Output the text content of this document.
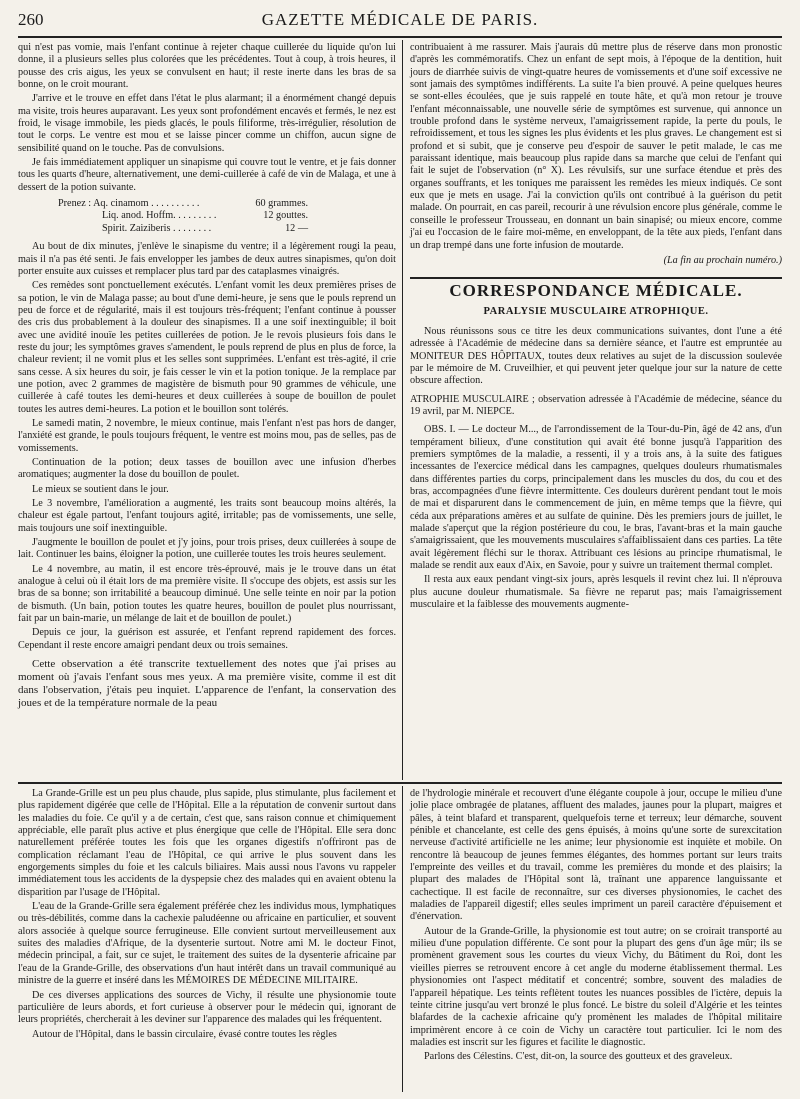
260	GAZETTE MÉDICALE DE PARIS.

qui n'est pas vomie, mais l'enfant continue à rejeter chaque cuillerée du liquide qu'on lui donne, il a plusieurs selles plus colorées que les précédentes. Tout à coup, à trois heures, il pousse des cris aigus, les yeux se convulsent en haut; il reste inerte dans les bras de sa bonne, on le croit mourant.

J'arrive et le trouve en effet dans l'état le plus alarmant; il a énormément changé depuis ma visite, trois heures auparavant. Les yeux sont profondément encavés et fermés, le nez est froid, le visage immobile, les pieds glacés, le pouls filiforme, très-irrégulier, résolution de tout le corps. Le ventre est mou et se laisse pincer comme un chiffon, aucun signe de sensibilité quand on le touche. Pas de convulsions.

Je fais immédiatement appliquer un sinapisme qui couvre tout le ventre, et je fais donner tous les quarts d'heure, alternativement, une demi-cuillerée à café de vin de Malaga, et une à dessert de la potion suivante.

Prenez : Aq. cinamom . . . . . . . . . .	60 grammes.
Liq. anod. Hoffm. . . . . . . . .	12 gouttes.
Spirit. Zaiziberis . . . . . . . .	12 —

Au bout de dix minutes, j'enlève le sinapisme du ventre; il a légèrement rougi la peau, mais il n'a pas été senti. Je fais envelopper les jambes de deux autres sinapismes, qu'on doit porter ensuite aux cuisses et remplacer plus tard par des cataplasmes vinaigrés.

Ces remèdes sont ponctuellement exécutés. L'enfant vomit les deux premières prises de sa potion, le vin de Malaga passe; au bout d'une demi-heure, je sens que le pouls reprend un peu de force et de régularité, mais il est toujours très-fréquent; l'enfant continue à pousser des cris dus probablement à la douleur des sinapismes. Il a une soif inextinguible; il boit avec une avidité inouïe les petites cuillerées de potion. Je le revois plusieurs fois dans le reste du jour; les symptômes graves s'amendent, le pouls reprend de plus en plus de force, la chaleur revient; il ne vomit plus et les selles sont supprimées. L'enfant est très-agité, il crie sans cesse. A six heures du soir, je fais cesser le vin et la potion tonique. Je la remplace par une potion, avec 2 grammes de magistère de bismuth pour 90 grammes de véhicule, une cuillerée à café toutes les demi-heures et deux cuillerées à soupe de bouillon de poulet toutes les autres demi-heures. La potion et le bouillon sont tolérés.

Le samedi matin, 2 novembre, le mieux continue, mais l'enfant n'est pas hors de danger, l'anxiété est grande, le pouls toujours fréquent, le ventre est moins mou, pas de selles, pas de vomissements.

Continuation de la potion; deux tasses de bouillon avec une infusion d'herbes aromatiques; augmenter la dose du bouillon de poulet.

Le mieux se soutient dans le jour.

Le 3 novembre, l'amélioration a augmenté, les traits sont beaucoup moins altérés, la chaleur est égale partout, l'enfant toujours agité, irritable; pas de vomissements, une selle, mais toujours une soif inextinguible.

J'augmente le bouillon de poulet et j'y joins, pour trois prises, deux cuillerées à soupe de lait. Continuer les bains, éloigner la potion, une cuillerée toutes les trois heures seulement.

Le 4 novembre, au matin, il est encore très-éprouvé, mais je le trouve dans un état analogue à celui où il était lors de ma première visite. Il s'occupe des objets, est assis sur les bras de sa bonne; son irritabilité a beaucoup diminué. Une selle teinte en noir par la potion de bismuth. (Un bain, potion toutes les quatre heures, bouillon de poulet plus nourrissant, fait par un bain-marie, un mélange de lait et de bouillon de poulet.)

Depuis ce jour, la guérison est assurée, et l'enfant reprend rapidement des forces. Cependant il reste encore amaigri pendant deux ou trois semaines.

Cette observation a été transcrite textuellement des notes que j'ai prises au moment où j'avais l'enfant sous mes yeux. A ma première visite, comme il est dit dans l'observation, j'étais peu inquiet. L'apparence de l'enfant, la conservation des joues et de la température normale de la peau

contribuaient à me rassurer. Mais j'aurais dû mettre plus de réserve dans mon pronostic d'après les commémoratifs. Chez un enfant de sept mois, à l'époque de la dentition, huit jours de diarrhée suivis de vingt-quatre heures de vomissements et d'une soif excessive ne sont jamais des symptômes indifférents. La suite l'a bien prouvé. A peine quelques heures se sont-elles écoulées, que je suis rappelé en toute hâte, et qu'à mon retour je trouve l'enfant méconnaissable, une nouvelle série de symptômes est survenue, qui annonce un trouble profond dans le système nerveux, l'amaigrissement rapide, la perte du pouls, le refroidissement, et tous les signes les plus évidents et les plus graves. Le changement est si profond et si subit, que je conserve peu d'espoir de sauver le petit malade, le cas me paraissant identique, mais beaucoup plus rapide dans sa marche que celui de l'enfant qui fait le sujet de l'observation (n° X). Les révulsifs, sur une surface étendue et près des organes souffrants, et les toniques me paraissent les remèdes les mieux indiqués. Ce sont eux que je mets en usage. J'ai la conviction qu'ils ont contribué à la guérison du petit malade. On pourrait, en cas pareil, recourir à une révulsion encore plus générale, comme le conseille le professeur Trousseau, en donnant un bain sinapisé; ou mieux encore, comme j'ai eu l'occasion de le faire moi-même, en enveloppant, de la tête aux pieds, l'enfant dans un drap trempé dans une forte infusion de moutarde.

(La fin au prochain numéro.)
CORRESPONDANCE MÉDICALE.
PARALYSIE MUSCULAIRE ATROPHIQUE.

Nous réunissons sous ce titre les deux communications suivantes, dont l'une a été adressée à l'Académie de médecine dans sa dernière séance, et l'autre est empruntée au MONITEUR DES HÔPITAUX, toutes deux relatives au sujet de la discussion soulevée par le mémoire de M. Cruveilhier, et qui peuvent jeter quelque jour sur la nature de cette obscure affection.

ATROPHIE MUSCULAIRE ; observation adressée à l'Académie de médecine, séance du 19 avril, par M. NIEPCE.

OBS. I. — Le docteur M..., de l'arrondissement de la Tour-du-Pin, âgé de 42 ans, d'un tempérament bilieux, d'une constitution qui avait été bonne jusqu'à l'apparition des premiers symptômes de la maladie, a ressenti, il y a trois ans, à la suite des fatigues incessantes de l'exercice médical dans les campagnes, quelques douleurs rhumatismales dans différentes parties du corps, principalement dans les muscles du dos, du cou et des bras, accompagnées d'une fièvre intermittente. Ces douleurs durèrent pendant tout le mois de mai et disparurent dans le commencement de juin, en même temps que la fièvre, qui céda aux préparations amères et au sulfate de quinine. Dès les premiers jours de juillet, le malade s'aperçut que la région postérieure du cou, le bras, l'avant-bras et la main gauche s'amaigrissaient, que les mouvements musculaires s'affaiblissaient dans ces parties. La tête avait légèrement fléchi sur le thorax. Attribuant ces lésions au principe rhumatismal, le malade se rendit aux eaux d'Aix, en Savoie, pour y suivre un traitement thermal complet.

Il resta aux eaux pendant vingt-six jours, après lesquels il revint chez lui. Il n'éprouva plus aucune douleur rhumatismale. Sa fièvre ne reparut pas; mais l'amaigrissement musculaire et la faiblesse des mouvements augmente-

La Grande-Grille est un peu plus chaude, plus sapide, plus stimulante, plus facilement et plus rapidement digérée que celle de l'Hôpital. Elle a la réputation de convenir surtout dans les maladies du foie. Ce qu'il y a de certain, c'est que, sans raison connue et chimiquement appréciable, elle paraît plus active et plus énergique que celle de l'Hôpital. Elle sera donc naturellement préférée toutes les fois que les organes digestifs n'offriront pas de complication réclamant l'eau de l'Hôpital, ce qui arrive le plus souvent dans les engorgements simples du foie et les calculs biliaires. Mais aussi nous l'avons vu rappeler immédiatement tous les accidents de la dyspepsie chez des malades qui en avaient obtenu la disparition par l'usage de l'Hôpital.

L'eau de la Grande-Grille sera également préférée chez les individus mous, lymphatiques ou très-débilités, comme dans la cachexie paludéenne ou africaine en particulier, et souvent alors associée à quelque source ferrugineuse. Elle convient surtout merveilleusement aux suites des maladies d'Afrique, de la dysenterie surtout. Notre ami M. le docteur Finot, médecin principal, a fait, sur ce sujet, le traitement des suites de la dysenterie africaine par l'eau de la Grande-Grille, des observations d'un haut intérêt dans un travail communiqué au ministre de la guerre et inséré dans les MÉMOIRES DE MÉDECINE MILITAIRE.

De ces diverses applications des sources de Vichy, il résulte une physionomie toute particulière de leurs abords, et fort curieuse à observer pour le médecin qui, ignorant de leurs propriétés, chercherait à les deviner sur l'apparence des malades qui les fréquentent.

Autour de l'Hôpital, dans le bassin circulaire, évasé contre toutes les règles

de l'hydrologie minérale et recouvert d'une élégante coupole à jour, occupe le milieu d'une jolie place ombragée de platanes, affluent des malades, jaunes pour la plupart, maigres et pâles, à teint blafard et transparent, quelquefois terne et terreux; leur démarche, souvent pénible et chancelante, est celle des gens épuisés, à moins qu'une sorte de surexcitation nerveuse d'activité artificielle ne les anime; leur physionomie est inquiète et mobile. On rencontre là beaucoup de jeunes femmes élégantes, des hommes portant sur leurs traits l'empreinte des veilles et du travail, comme les premières du monde et des plaisirs; la plupart des malades de l'Hôpital sont là, traînant une apparence languissante et cachectique. Il est facile de reconnaître, sur ces diverses physionomies, le cachet des maladies de l'appareil digestif; elles seules impriment un pareil caractère d'épuisement et d'énervation.

Autour de la Grande-Grille, la physionomie est tout autre; on se croirait transporté au milieu d'une population différente. Ce sont pour la plupart des gens d'un âge mûr; ils se promènent gravement sous les courtes du vieux Vichy, du Bâtiment du Roi, dont les vieilles pierres se retrouvent encore à cet angle du moderne établissement thermal. Les physionomies ont l'aspect méditatif et concentré; sombre, souvent des maladies de l'appareil hépatique. Les teints reflètent toutes les nuances possibles de l'ictère, depuis la teinte citrine jusqu'au vert bronzé le plus foncé. Le bistre du soleil d'Algérie et les teintes blafardes de la cachexie africaine qu'y promènent les malades de l'hôpital militaire imprimèrent encore à ce coin de Vichy un caractère tout particulier. Ici le nom des maladies est inscrit sur les figures et facilite le diagnostic.

Parlons des Célestins. C'est, dit-on, la source des goutteux et des graveleux.
